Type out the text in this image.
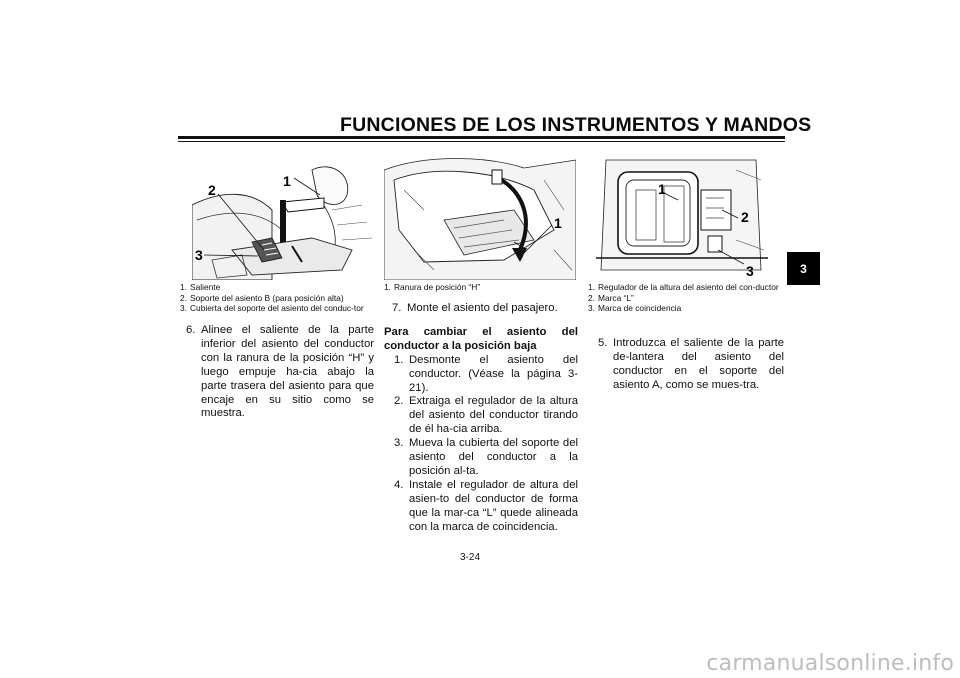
FUNCIONES DE LOS INSTRUMENTOS Y MANDOS
3
1
2
3
1
1
2
3
1. Saliente
2. Soporte del asiento B (para posición alta)
3. Cubierta del soporte del asiento del conduc-tor
1. Ranura de posición “H”	1. Regulador de la altura del asiento del con-ductor
2. Marca “L”
3. Marca de coincidencia
6. Alinee el saliente de la parte inferior del asiento del conductor con la ranura de la posición “H” y luego empuje ha-cia abajo la parte trasera del asiento para que encaje en su sitio como se muestra.
7. Monte el asiento del pasajero.
Para cambiar el asiento del conductor a la posición baja
1. Desmonte el asiento del conductor. (Véase la página 3-21).
2. Extraiga el regulador de la altura del asiento del conductor tirando de él ha-cia arriba.
3. Mueva la cubierta del soporte del asiento del conductor a la posición al-ta.
4. Instale el regulador de altura del asien-to del conductor de forma que la mar-ca “L” quede alineada con la marca de coincidencia.
5. Introduzca el saliente de la parte de-lantera del asiento del conductor en el soporte del asiento A, como se mues-tra.
3-24
carmanualsonline.info
